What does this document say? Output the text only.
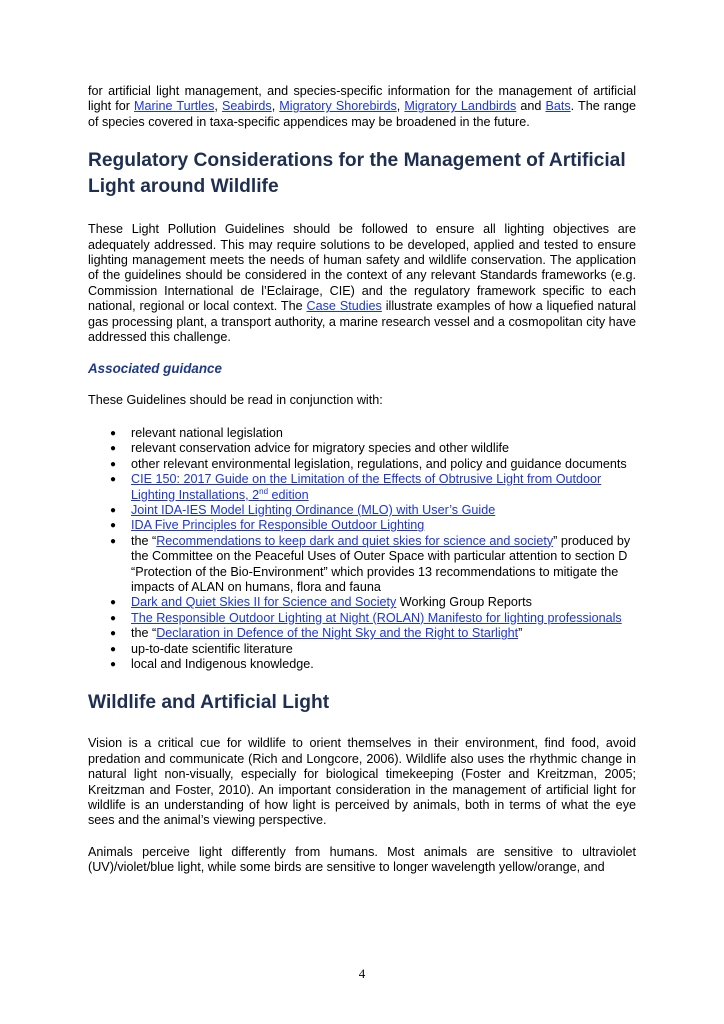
for artificial light management, and species-specific information for the management of artificial light for Marine Turtles, Seabirds, Migratory Shorebirds, Migratory Landbirds and Bats. The range of species covered in taxa-specific appendices may be broadened in the future.

Regulatory Considerations for the Management of Artificial Light around Wildlife

These Light Pollution Guidelines should be followed to ensure all lighting objectives are adequately addressed. This may require solutions to be developed, applied and tested to ensure lighting management meets the needs of human safety and wildlife conservation. The application of the guidelines should be considered in the context of any relevant Standards frameworks (e.g. Commission International de l’Eclairage, CIE) and the regulatory framework specific to each national, regional or local context. The Case Studies illustrate examples of how a liquefied natural gas processing plant, a transport authority, a marine research vessel and a cosmopolitan city have addressed this challenge.

Associated guidance

These Guidelines should be read in conjunction with:

● relevant national legislation
● relevant conservation advice for migratory species and other wildlife
● other relevant environmental legislation, regulations, and policy and guidance documents
● CIE 150: 2017 Guide on the Limitation of the Effects of Obtrusive Light from Outdoor Lighting Installations, 2nd edition
● Joint IDA-IES Model Lighting Ordinance (MLO) with User’s Guide
● IDA Five Principles for Responsible Outdoor Lighting
● the “Recommendations to keep dark and quiet skies for science and society” produced by the Committee on the Peaceful Uses of Outer Space with particular attention to section D “Protection of the Bio-Environment” which provides 13 recommendations to mitigate the impacts of ALAN on humans, flora and fauna
● Dark and Quiet Skies II for Science and Society Working Group Reports
● The Responsible Outdoor Lighting at Night (ROLAN) Manifesto for lighting professionals
● the “Declaration in Defence of the Night Sky and the Right to Starlight”
● up-to-date scientific literature
● local and Indigenous knowledge.
Wildlife and Artificial Light

Vision is a critical cue for wildlife to orient themselves in their environment, find food, avoid predation and communicate (Rich and Longcore, 2006). Wildlife also uses the rhythmic change in natural light non-visually, especially for biological timekeeping (Foster and Kreitzman, 2005; Kreitzman and Foster, 2010). An important consideration in the management of artificial light for wildlife is an understanding of how light is perceived by animals, both in terms of what the eye sees and the animal’s viewing perspective.

Animals perceive light differently from humans. Most animals are sensitive to ultraviolet (UV)/violet/blue light, while some birds are sensitive to longer wavelength yellow/orange, and

4
